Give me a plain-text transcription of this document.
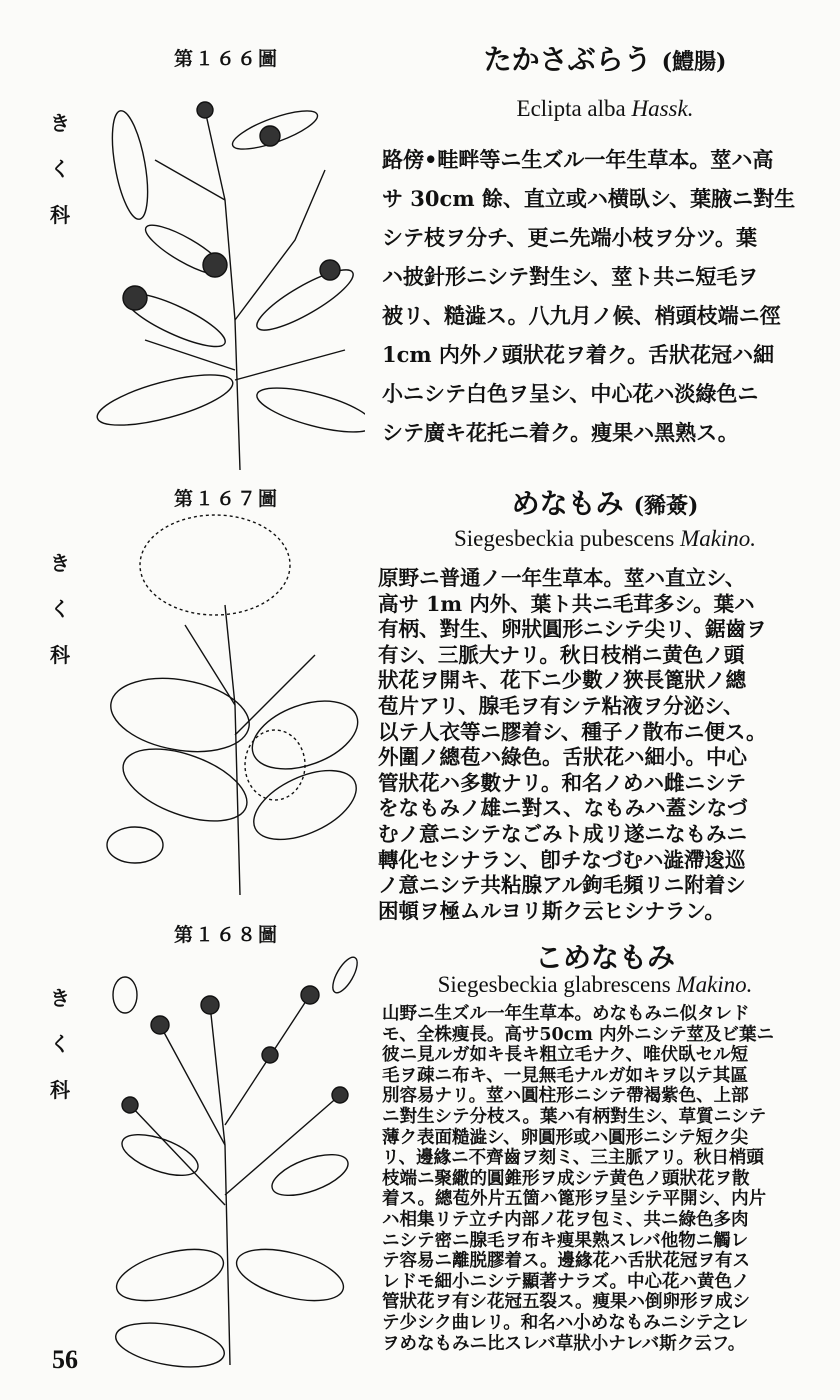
第１６６圖
き
く
科
たかさぶらう (鱧腸)
Eclipta alba Hassk.
路傍•畦畔等ニ生ズル一年生草本。莖ハ高
サ 30cm 餘、直立或ハ横臥シ、葉腋ニ對生
シテ枝ヲ分チ、更ニ先端小枝ヲ分ツ。葉
ハ披針形ニシテ對生シ、莖ト共ニ短毛ヲ
被リ、糙澁ス。八九月ノ候、梢頭枝端ニ徑
1cm 内外ノ頭狀花ヲ着ク。舌狀花冠ハ細
小ニシテ白色ヲ呈シ、中心花ハ淡綠色ニ
シテ廣キ花托ニ着ク。痩果ハ黑熟ス。
第１６７圖
き
く
科
めなもみ (豨薟)
Siegesbeckia pubescens Makino.
原野ニ普通ノ一年生草本。莖ハ直立シ、
高サ 1m 内外、葉ト共ニ毛茸多シ。葉ハ
有柄、對生、卵狀圓形ニシテ尖リ、鋸齒ヲ
有シ、三脈大ナリ。秋日枝梢ニ黄色ノ頭
狀花ヲ開キ、花下ニ少數ノ狹長篦狀ノ總
苞片アリ、腺毛ヲ有シテ粘液ヲ分泌シ、
以テ人衣等ニ膠着シ、種子ノ散布ニ便ス。
外圍ノ總苞ハ綠色。舌狀花ハ細小。中心
管狀花ハ多數ナリ。和名ノめハ雌ニシテ
をなもみノ雄ニ對ス、なもみハ蓋シなづ
むノ意ニシテなごみト成リ遂ニなもみニ
轉化セシナラン、卽チなづむハ澁滯逡巡
ノ意ニシテ共粘腺アル鉤毛頻リニ附着シ
困頓ヲ極ムルヨリ斯ク云ヒシナラン。
第１６８圖
き
く
科
こめなもみ
Siegesbeckia glabrescens Makino.
山野ニ生ズル一年生草本。めなもみニ似タレド
モ、全株痩長。高サ50cm 内外ニシテ莖及ビ葉ニ
彼ニ見ルガ如キ長キ粗立毛ナク、唯伏臥セル短
毛ヲ疎ニ布キ、一見無毛ナルガ如キヲ以テ其區
別容易ナリ。莖ハ圓柱形ニシテ帶褐紫色、上部
ニ對生シテ分枝ス。葉ハ有柄對生シ、草質ニシテ
薄ク表面糙澁シ、卵圓形或ハ圓形ニシテ短ク尖
リ、邊緣ニ不齊齒ヲ刻ミ、三主脈アリ。秋日梢頭
枝端ニ聚繖的圓錐形ヲ成シテ黄色ノ頭狀花ヲ散
着ス。總苞外片五箇ハ篦形ヲ呈シテ平開シ、内片
ハ相集リテ立チ内部ノ花ヲ包ミ、共ニ綠色多肉
ニシテ密ニ腺毛ヲ布キ痩果熟スレバ他物ニ觸レ
テ容易ニ離脱膠着ス。邊緣花ハ舌狀花冠ヲ有ス
レドモ細小ニシテ顯著ナラズ。中心花ハ黄色ノ
管狀花ヲ有シ花冠五裂ス。痩果ハ倒卵形ヲ成シ
テ少シク曲レリ。和名ハ小めなもみニシテ之レ
ヲめなもみニ比スレバ草狀小ナレバ斯ク云フ。
56
